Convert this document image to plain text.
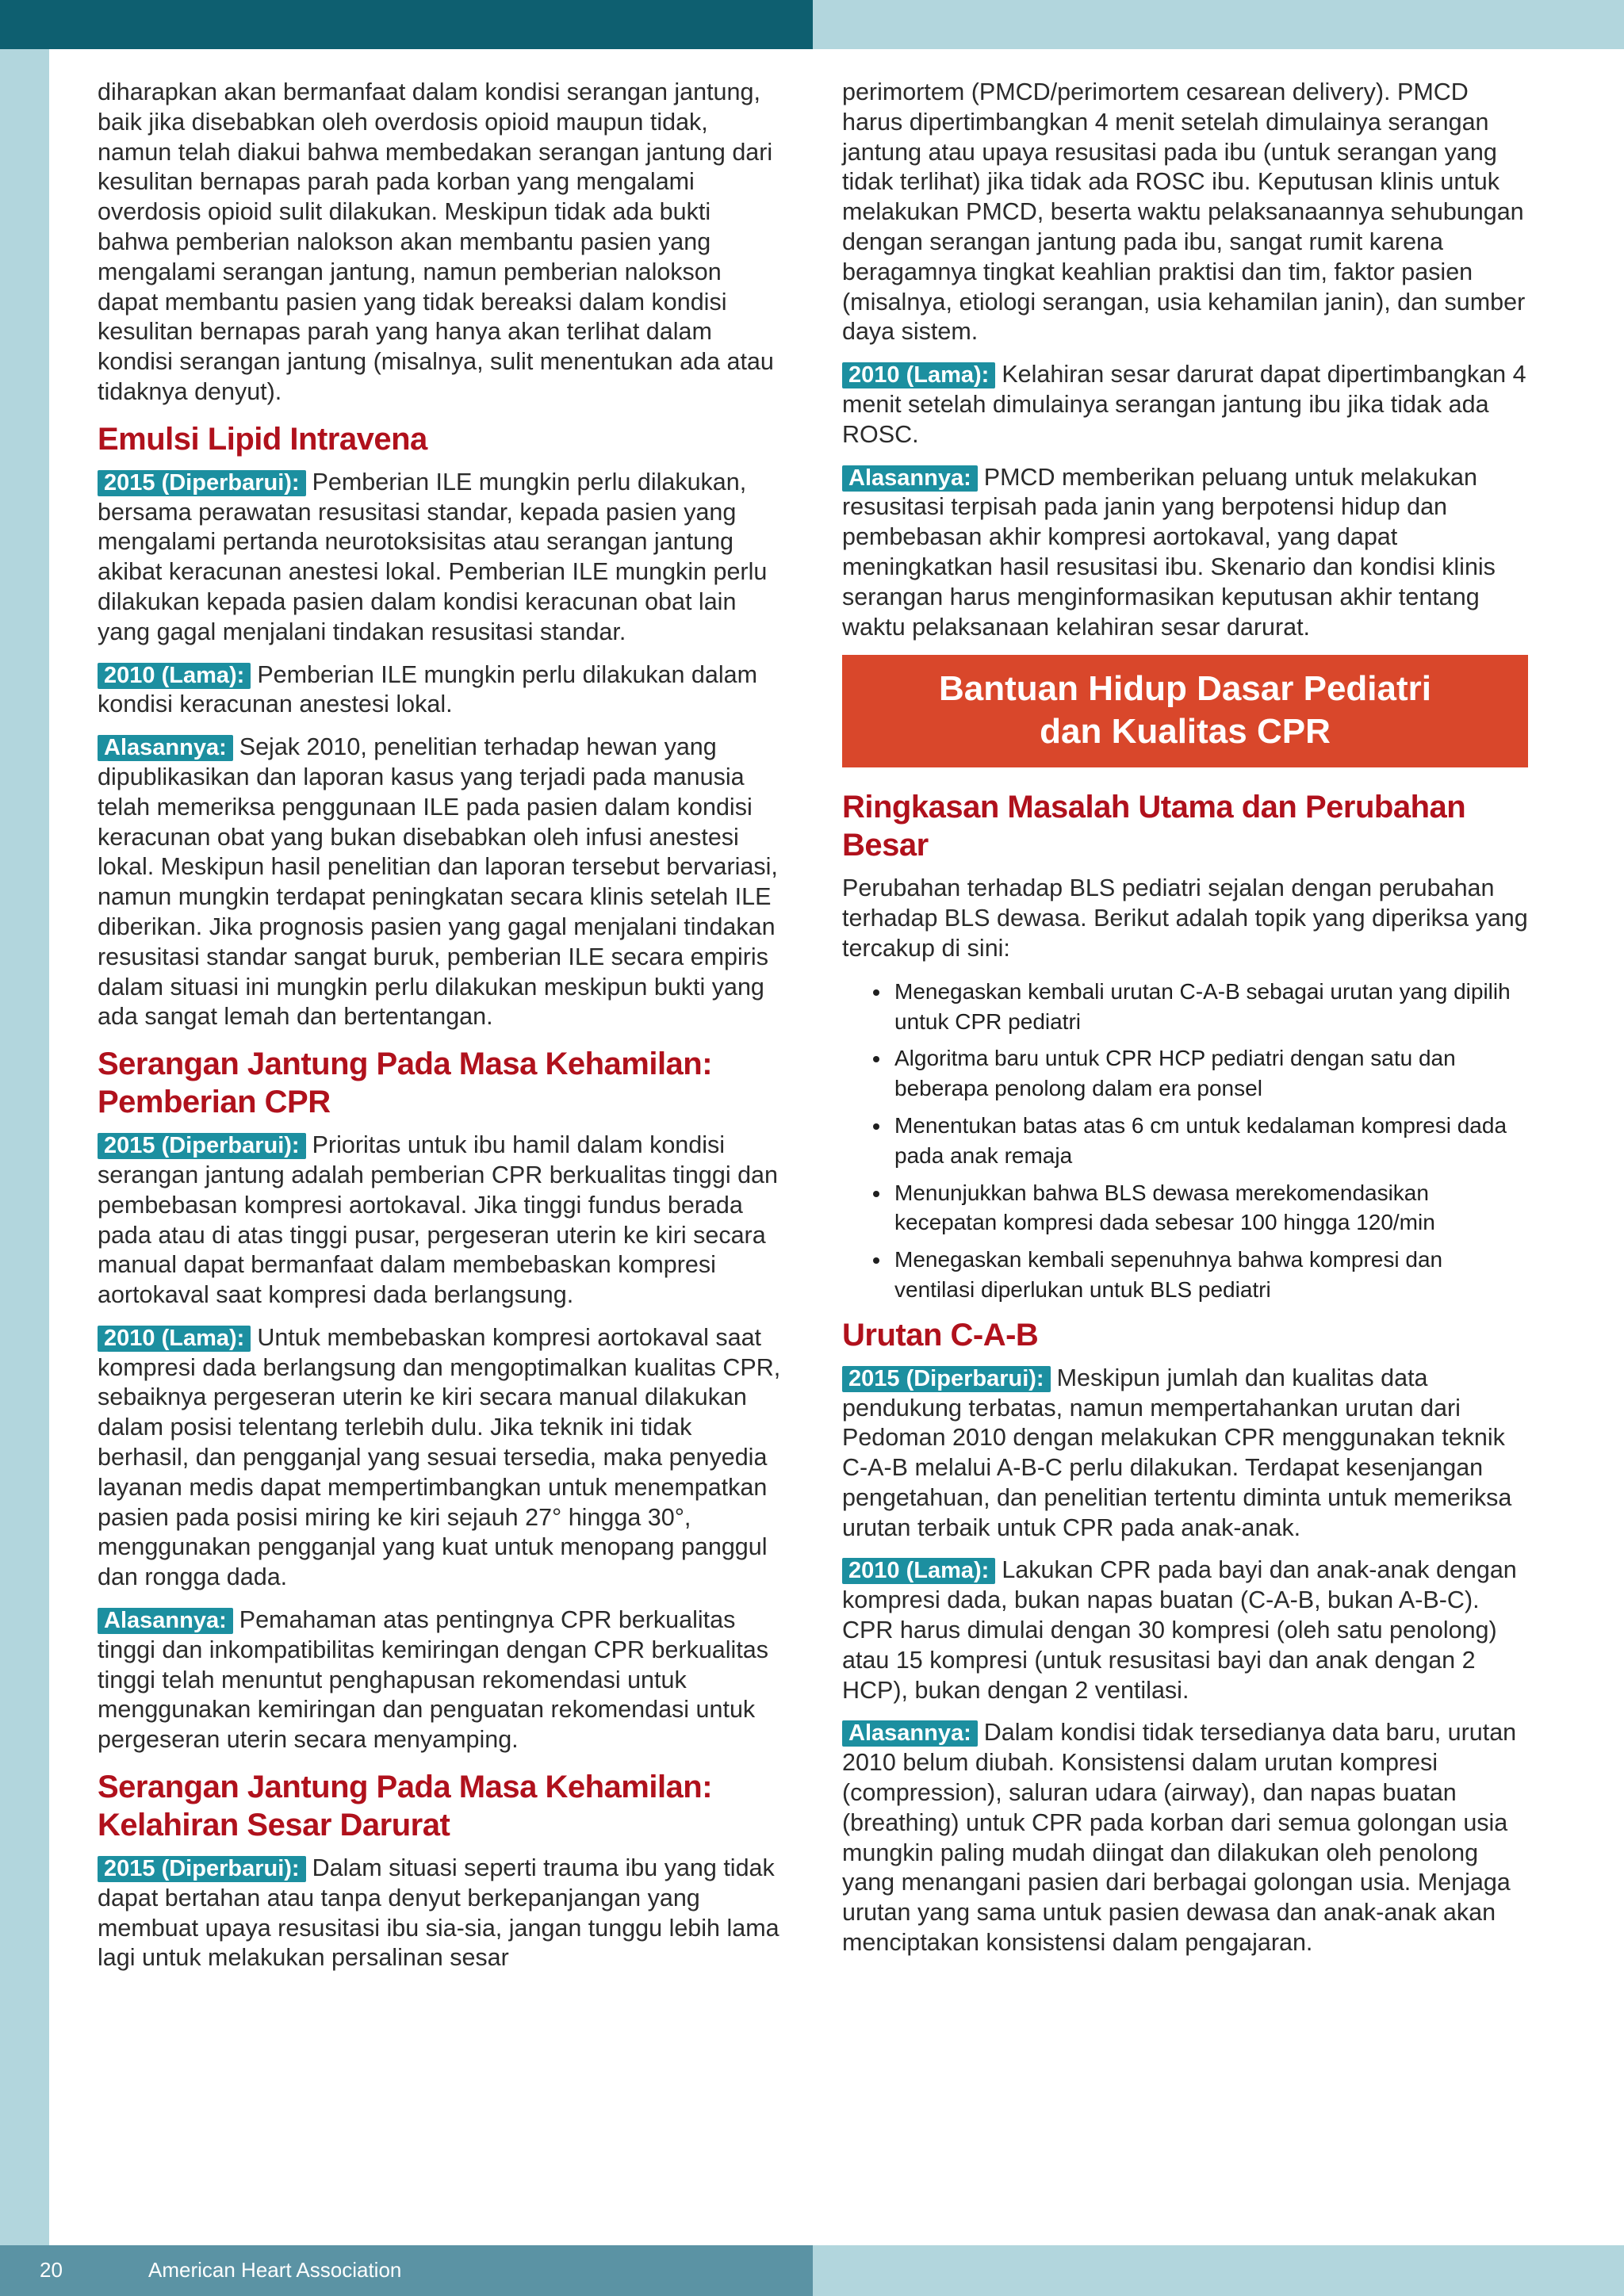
diharapkan akan bermanfaat dalam kondisi serangan jantung, baik jika disebabkan oleh overdosis opioid maupun tidak, namun telah diakui bahwa membedakan serangan jantung dari kesulitan bernapas parah pada korban yang mengalami overdosis opioid sulit dilakukan. Meskipun tidak ada bukti bahwa pemberian nalokson akan membantu pasien yang mengalami serangan jantung, namun pemberian nalokson dapat membantu pasien yang tidak bereaksi dalam kondisi kesulitan bernapas parah yang hanya akan terlihat dalam kondisi serangan jantung (misalnya, sulit menentukan ada atau tidaknya denyut).

Emulsi Lipid Intravena

2015 (Diperbarui): Pemberian ILE mungkin perlu dilakukan, bersama perawatan resusitasi standar, kepada pasien yang mengalami pertanda neurotoksisitas atau serangan jantung akibat keracunan anestesi lokal. Pemberian ILE mungkin perlu dilakukan kepada pasien dalam kondisi keracunan obat lain yang gagal menjalani tindakan resusitasi standar.

2010 (Lama): Pemberian ILE mungkin perlu dilakukan dalam kondisi keracunan anestesi lokal.

Alasannya: Sejak 2010, penelitian terhadap hewan yang dipublikasikan dan laporan kasus yang terjadi pada manusia telah memeriksa penggunaan ILE pada pasien dalam kondisi keracunan obat yang bukan disebabkan oleh infusi anestesi lokal. Meskipun hasil penelitian dan laporan tersebut bervariasi, namun mungkin terdapat peningkatan secara klinis setelah ILE diberikan. Jika prognosis pasien yang gagal menjalani tindakan resusitasi standar sangat buruk, pemberian ILE secara empiris dalam situasi ini mungkin perlu dilakukan meskipun bukti yang ada sangat lemah dan bertentangan.

Serangan Jantung Pada Masa Kehamilan: Pemberian CPR

2015 (Diperbarui): Prioritas untuk ibu hamil dalam kondisi serangan jantung adalah pemberian CPR berkualitas tinggi dan pembebasan kompresi aortokaval. Jika tinggi fundus berada pada atau di atas tinggi pusar, pergeseran uterin ke kiri secara manual dapat bermanfaat dalam membebaskan kompresi aortokaval saat kompresi dada berlangsung.

2010 (Lama): Untuk membebaskan kompresi aortokaval saat kompresi dada berlangsung dan mengoptimalkan kualitas CPR, sebaiknya pergeseran uterin ke kiri secara manual dilakukan dalam posisi telentang terlebih dulu. Jika teknik ini tidak berhasil, dan pengganjal yang sesuai tersedia, maka penyedia layanan medis dapat mempertimbangkan untuk menempatkan pasien pada posisi miring ke kiri sejauh 27° hingga 30°, menggunakan pengganjal yang kuat untuk menopang panggul dan rongga dada.

Alasannya: Pemahaman atas pentingnya CPR berkualitas tinggi dan inkompatibilitas kemiringan dengan CPR berkualitas tinggi telah menuntut penghapusan rekomendasi untuk menggunakan kemiringan dan penguatan rekomendasi untuk pergeseran uterin secara menyamping.

Serangan Jantung Pada Masa Kehamilan: Kelahiran Sesar Darurat

2015 (Diperbarui): Dalam situasi seperti trauma ibu yang tidak dapat bertahan atau tanpa denyut berkepanjangan yang membuat upaya resusitasi ibu sia-sia, jangan tunggu lebih lama lagi untuk melakukan persalinan sesar

perimortem (PMCD/perimortem cesarean delivery). PMCD harus dipertimbangkan 4 menit setelah dimulainya serangan jantung atau upaya resusitasi pada ibu (untuk serangan yang tidak terlihat) jika tidak ada ROSC ibu. Keputusan klinis untuk melakukan PMCD, beserta waktu pelaksanaannya sehubungan dengan serangan jantung pada ibu, sangat rumit karena beragamnya tingkat keahlian praktisi dan tim, faktor pasien (misalnya, etiologi serangan, usia kehamilan janin), dan sumber daya sistem.

2010 (Lama): Kelahiran sesar darurat dapat dipertimbangkan 4 menit setelah dimulainya serangan jantung ibu jika tidak ada ROSC.

Alasannya: PMCD memberikan peluang untuk melakukan resusitasi terpisah pada janin yang berpotensi hidup dan pembebasan akhir kompresi aortokaval, yang dapat meningkatkan hasil resusitasi ibu. Skenario dan kondisi klinis serangan harus menginformasikan keputusan akhir tentang waktu pelaksanaan kelahiran sesar darurat.

Bantuan Hidup Dasar Pediatri
dan Kualitas CPR
Ringkasan Masalah Utama dan Perubahan Besar

Perubahan terhadap BLS pediatri sejalan dengan perubahan terhadap BLS dewasa. Berikut adalah topik yang diperiksa yang tercakup di sini:

• Menegaskan kembali urutan C-A-B sebagai urutan yang dipilih untuk CPR pediatri
• Algoritma baru untuk CPR HCP pediatri dengan satu dan beberapa penolong dalam era ponsel
• Menentukan batas atas 6 cm untuk kedalaman kompresi dada pada anak remaja
• Menunjukkan bahwa BLS dewasa merekomendasikan kecepatan kompresi dada sebesar 100 hingga 120/min
• Menegaskan kembali sepenuhnya bahwa kompresi dan ventilasi diperlukan untuk BLS pediatri
Urutan C-A-B

2015 (Diperbarui): Meskipun jumlah dan kualitas data pendukung terbatas, namun mempertahankan urutan dari Pedoman 2010 dengan melakukan CPR menggunakan teknik C-A-B melalui A-B-C perlu dilakukan. Terdapat kesenjangan pengetahuan, dan penelitian tertentu diminta untuk memeriksa urutan terbaik untuk CPR pada anak-anak.

2010 (Lama): Lakukan CPR pada bayi dan anak-anak dengan kompresi dada, bukan napas buatan (C-A-B, bukan A-B-C). CPR harus dimulai dengan 30 kompresi (oleh satu penolong) atau 15 kompresi (untuk resusitasi bayi dan anak dengan 2 HCP), bukan dengan 2 ventilasi.

Alasannya: Dalam kondisi tidak tersedianya data baru, urutan 2010 belum diubah. Konsistensi dalam urutan kompresi (compression), saluran udara (airway), dan napas buatan (breathing) untuk CPR pada korban dari semua golongan usia mungkin paling mudah diingat dan dilakukan oleh penolong yang menangani pasien dari berbagai golongan usia. Menjaga urutan yang sama untuk pasien dewasa dan anak-anak akan menciptakan konsistensi dalam pengajaran.

20	American Heart Association
